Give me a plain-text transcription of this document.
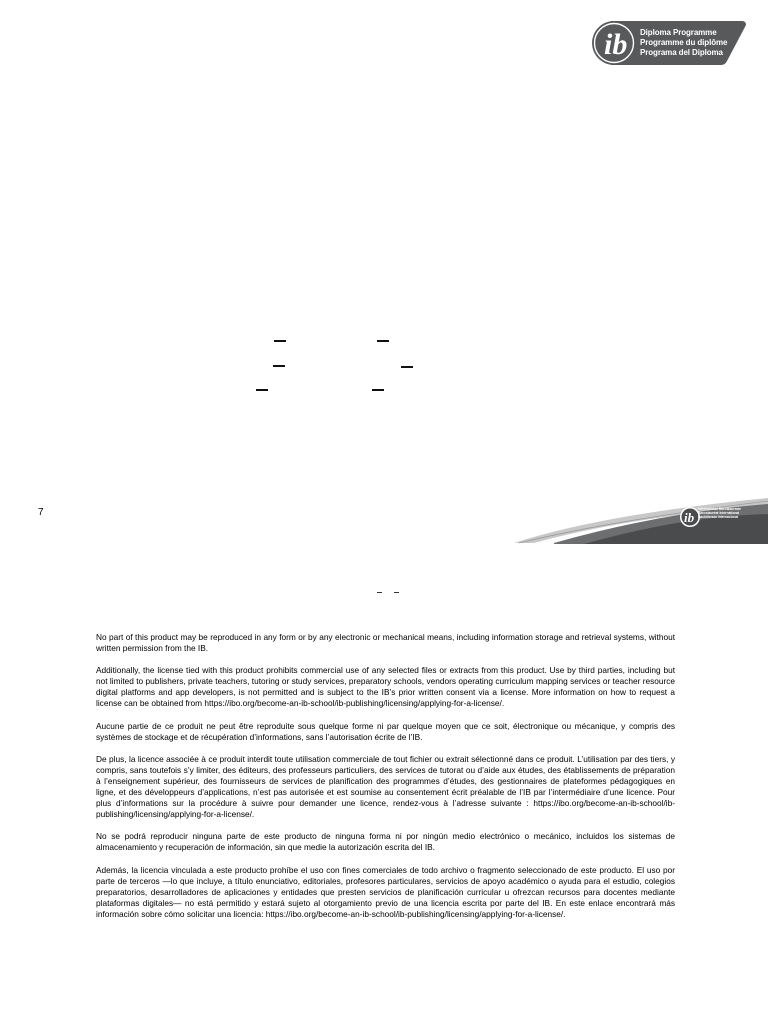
ib Diploma Programme
Programme du diplôme
Programa del Diploma
7	ib
International Baccalaureate
Baccalauréat International
Bachillerato Internacional

No part of this product may be reproduced in any form or by any electronic or mechanical means, including information storage and retrieval systems, without written permission from the IB.

Additionally, the license tied with this product prohibits commercial use of any selected files or extracts from this product. Use by third parties, including but not limited to publishers, private teachers, tutoring or study services, preparatory schools, vendors operating curriculum mapping services or teacher resource digital platforms and app developers, is not permitted and is subject to the IB’s prior written consent via a license. More information on how to request a license can be obtained from https://ibo.org/become-an-ib-school/ib-publishing/licensing/applying-for-a-license/.

Aucune partie de ce produit ne peut être reproduite sous quelque forme ni par quelque moyen que ce soit, électronique ou mécanique, y compris des systèmes de stockage et de récupération d’informations, sans l’autorisation écrite de l’IB.

De plus, la licence associée à ce produit interdit toute utilisation commerciale de tout fichier ou extrait sélectionné dans ce produit. L’utilisation par des tiers, y compris, sans toutefois s’y limiter, des éditeurs, des professeurs particuliers, des services de tutorat ou d’aide aux études, des établissements de préparation à l’enseignement supérieur, des fournisseurs de services de planification des programmes d’études, des gestionnaires de plateformes pédagogiques en ligne, et des développeurs d’applications, n’est pas autorisée et est soumise au consentement écrit préalable de l’IB par l’intermédiaire d’une licence. Pour plus d’informations sur la procédure à suivre pour demander une licence, rendez-vous à l’adresse suivante : https://ibo.org/become-an-ib-school/ib-publishing/licensing/applying-for-a-license/.

No se podrá reproducir ninguna parte de este producto de ninguna forma ni por ningún medio electrónico o mecánico, incluidos los sistemas de almacenamiento y recuperación de información, sin que medie la autorización escrita del IB.

Además, la licencia vinculada a este producto prohíbe el uso con fines comerciales de todo archivo o fragmento seleccionado de este producto. El uso por parte de terceros —lo que incluye, a título enunciativo, editoriales, profesores particulares, servicios de apoyo académico o ayuda para el estudio, colegios preparatorios, desarrolladores de aplicaciones y entidades que presten servicios de planificación curricular u ofrezcan recursos para docentes mediante plataformas digitales— no está permitido y estará sujeto al otorgamiento previo de una licencia escrita por parte del IB. En este enlace encontrará más información sobre cómo solicitar una licencia: https://ibo.org/become-an-ib-school/ib-publishing/licensing/applying-for-a-license/.
